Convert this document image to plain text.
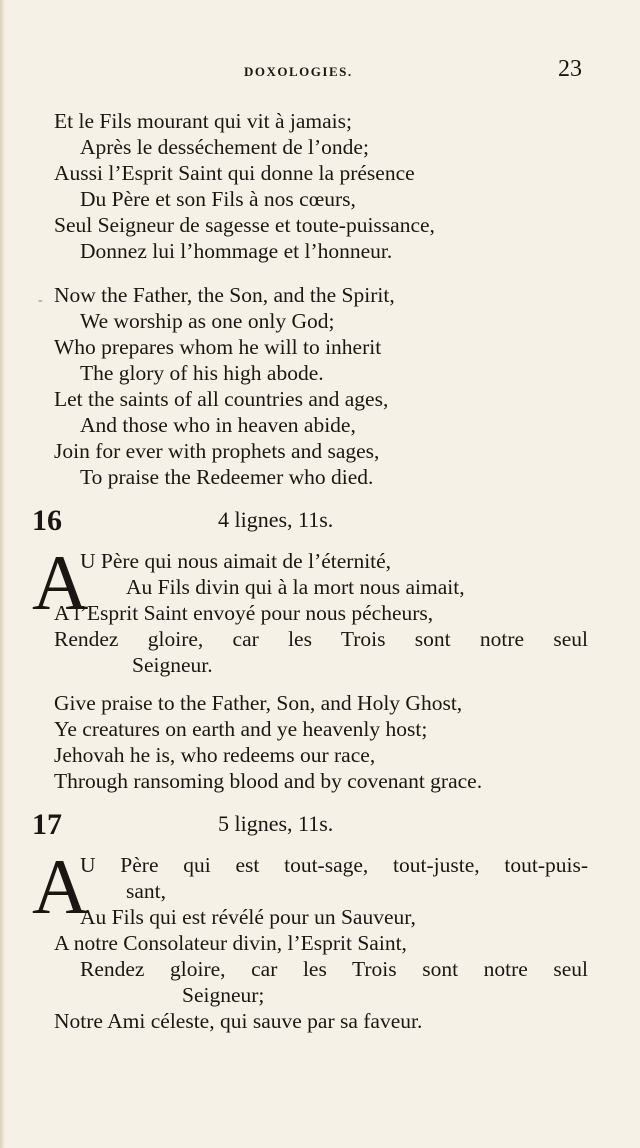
DOXOLOGIES.	23
Et le Fils mourant qui vit à jamais;
Après le desséchement de l’onde;
Aussi l’Esprit Saint qui donne la présence
Du Père et son Fils à nos cœurs,
Seul Seigneur de sagesse et toute-puissance,
Donnez lui l’hommage et l’honneur.
- Now the Father, the Son, and the Spirit,
We worship as one only God;
Who prepares whom he will to inherit
The glory of his high abode.
Let the saints of all countries and ages,
And those who in heaven abide,
Join for ever with prophets and sages,
To praise the Redeemer who died.
16	4 lignes, 11s.
A
U Père qui nous aimait de l’éternité,
Au Fils divin qui à la mort nous aimait,
A l’Esprit Saint envoyé pour nous pécheurs,
Rendez gloire, car les Trois sont notre seul
Seigneur.
Give praise to the Father, Son, and Holy Ghost,
Ye creatures on earth and ye heavenly host;
Jehovah he is, who redeems our race,
Through ransoming blood and by covenant grace.
17	5 lignes, 11s.
A
U Père qui est tout-sage, tout-juste, tout-puis-
sant,
Au Fils qui est révélé pour un Sauveur,
A notre Consolateur divin, l’Esprit Saint,
Rendez gloire, car les Trois sont notre seul
Seigneur;
Notre Ami céleste, qui sauve par sa faveur.
